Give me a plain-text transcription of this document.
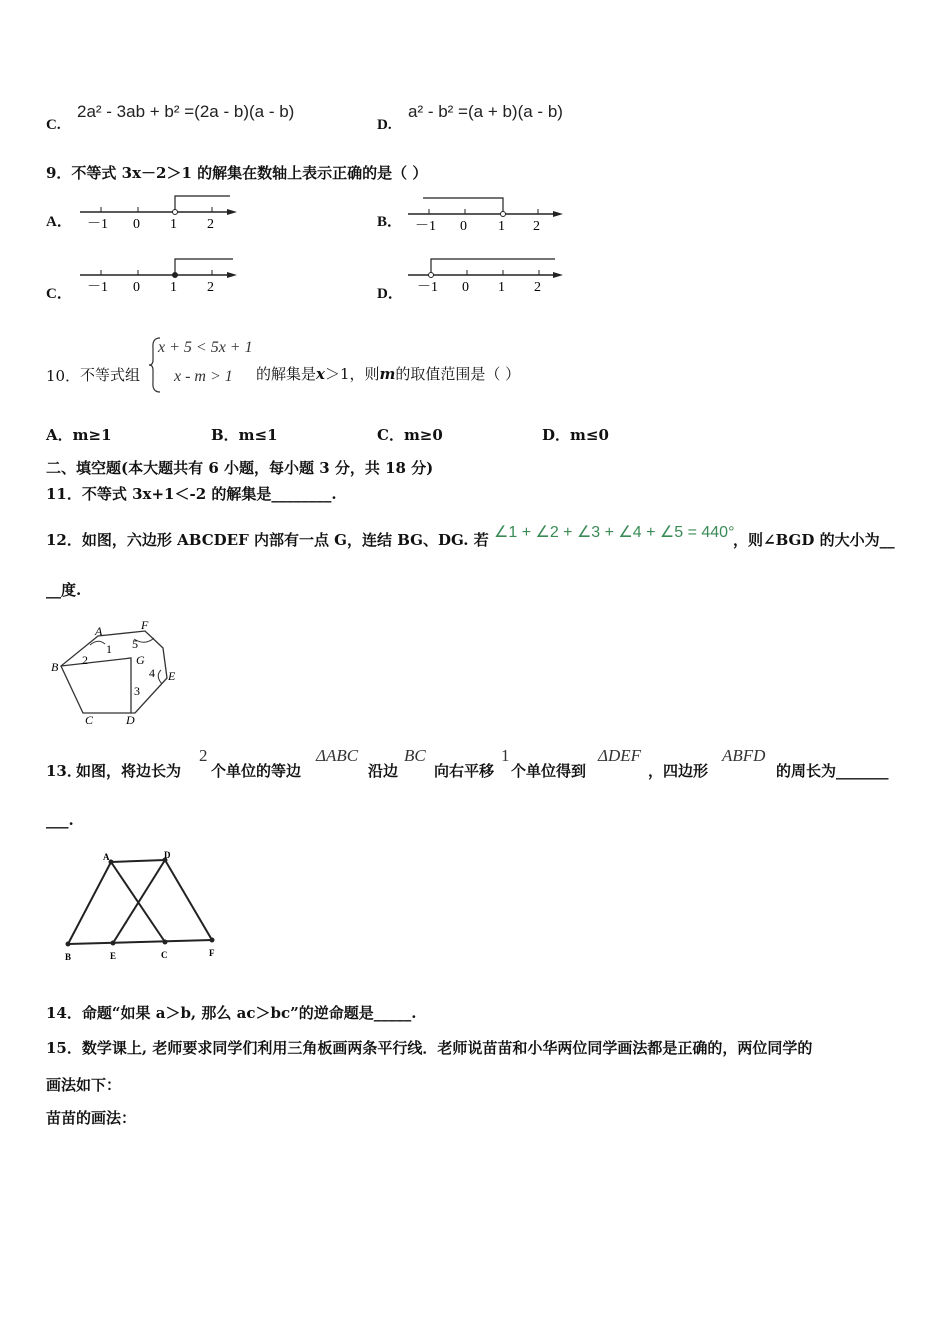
C.
2a² - 3ab + b² =(2a - b)(a - b)
D.
a² - b² =(a + b)(a - b)
9．不等式 3x－2＞1 的解集在数轴上表示正确的是（ ）
A． －1 0 1 2	B． －1 0 1 2
C． －1 0 1 2	D． －1 0 1 2
10． 不等式组
x + 5 < 5x + 1
x - m > 1 的解集是x＞1，则m的取值范围是（ ）
A．m≥1	B．m≤1	C．m≥0	D．m≤0
二、填空题(本大题共有 6 小题，每小题 3 分，共 18 分)
11．不等式 3x+1＜-2 的解集是________.
12．如图，六边形 ABCDEF 内部有一点 G，连结 BG、DG. 若 ∠1 + ∠2 + ∠3 + ∠4 + ∠5 = 440°
，则∠BGD 的大小为__
__度.
A	F
B 2
1 5
G
4 E
3
C	D
13．
如图，将边长为
2
个单位的等边
ΔABC
沿边
BC
向右平移
1
个单位得到
ΔDEF
，四边形
ABFD
的周长为_______
___.
A	D
B	E	C	F
14．命题“如果 a＞b, 那么 ac＞bc”的逆命题是_____.
15．数学课上, 老师要求同学们利用三角板画两条平行线．老师说苗苗和小华两位同学画法都是正确的，两位同学的
画法如下：
苗苗的画法：
